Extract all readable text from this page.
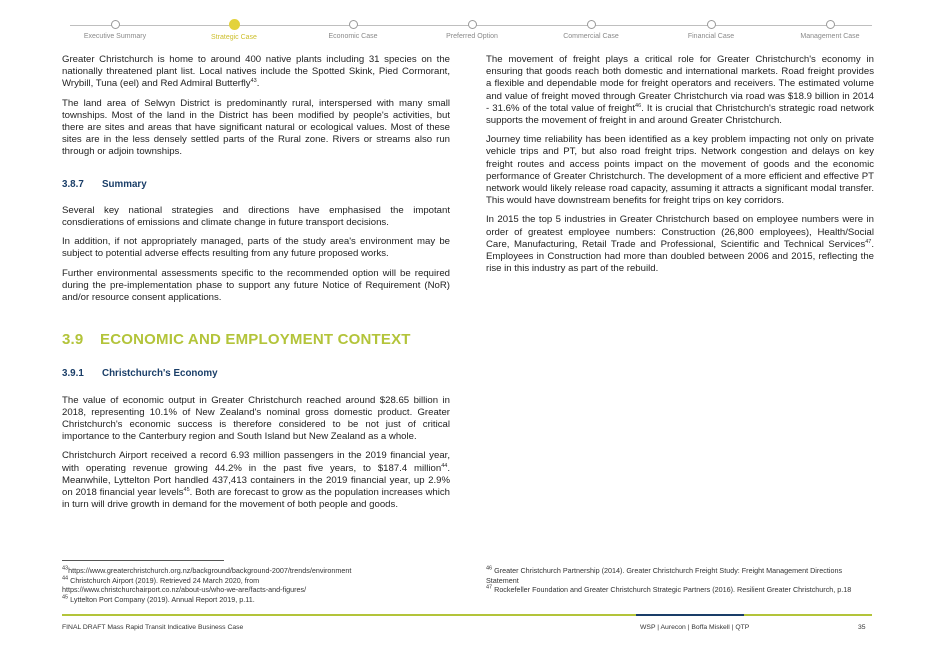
Executive Summary	Strategic Case	Economic Case	Preferred Option	Commercial Case	Financial Case	Management Case

Greater Christchurch is home to around 400 native plants including 31 species on the nationally threatened plant list. Local natives include the Spotted Skink, Pied Cormorant, Wrybill, Tuna (eel) and Red Admiral Butterfly$^{43}$.

The land area of Selwyn District is predominantly rural, interspersed with many small townships. Most of the land in the District has been modified by people's activities, but there are sites and areas that have significant natural or ecological values. Most of these sites are in the less densely settled parts of the Rural zone. Rivers or streams also run through or adjoin townships.

3.8.7 Summary

Several key national strategies and directions have emphasised the impotant consdierations of emissions and climate change in future transport decisions.

In addition, if not appropriately managed, parts of the study area's environment may be subject to potential adverse effects resulting from any future proposed works.

Further environmental assessments specific to the recommended option will be required during the pre-implementation phase to support any future Notice of Requirement (NoR) and/or resource consent applications.

3.9 ECONOMIC AND EMPLOYMENT CONTEXT
3.9.1 Christchurch's Economy

The value of economic output in Greater Christchurch reached around $28.65 billion in 2018, representing 10.1% of New Zealand's nominal gross domestic product. Greater Christchurch's economic success is therefore considered to be not just of critical importance to the Canterbury region and South Island but New Zealand as a whole.

Christchurch Airport received a record 6.93 million passengers in the 2019 financial year, with operating revenue growing 44.2% in the past five years, to $187.4 million$^{44}$. Meanwhile, Lyttelton Port handled 437,413 containers in the 2019 financial year, up 2.9% on 2018 financial year levels$^{45}$. Both are forecast to grow as the population increases which in turn will drive growth in demand for the movement of both people and goods.

The movement of freight plays a critical role for Greater Christchurch's economy in ensuring that goods reach both domestic and international markets. Road freight provides a flexible and dependable mode for freight operators and receivers. The estimated volume and value of freight moved through Greater Christchurch via road was $18.9 billion in 2014 - 31.6% of the total value of freight$^{46}$. It is crucial that Christchurch's strategic road network supports the movement of freight in and around Greater Christchurch.

Journey time reliability has been identified as a key problem impacting not only on private vehicle trips and PT, but also road freight trips. Network congestion and delays on key freight routes and access points impact on the movement of goods and the economic performance of Greater Christchurch. The development of a more efficient and effective PT network would likely release road capacity, assuming it attracts a significant modal transfer. This would have downstream benefits for freight trips on key corridors.

In 2015 the top 5 industries in Greater Christchurch based on employee numbers were in order of greatest employee numbers: Construction (26,800 employees), Health/Social Care, Manufacturing, Retail Trade and Professional, Scientific and Technical Services$^{47}$. Employees in Construction had more than doubled between 2006 and 2015, reflecting the rise in this industry as part of the rebuild.

$^{43}$https://www.greaterchristchurch.org.nz/background/background-2007/trends/environment
$^{44}$ Christchurch Airport (2019). Retrieved 24 March 2020, from
https://www.christchurchairport.co.nz/about-us/who-we-are/facts-and-figures/
$^{45}$ Lyttelton Port Company (2019). Annual Report 2019, p.11.
$^{46}$ Greater Christchurch Partnership (2014). Greater Christchurch Freight Study: Freight Management Directions Statement
$^{47}$ Rockefeller Foundation and Greater Christchurch Strategic Partners (2016). Resilient Greater Christchurch, p.18
FINAL DRAFT Mass Rapid Transit Indicative Business Case	WSP | Aurecon | Boffa Miskell | QTP	35
